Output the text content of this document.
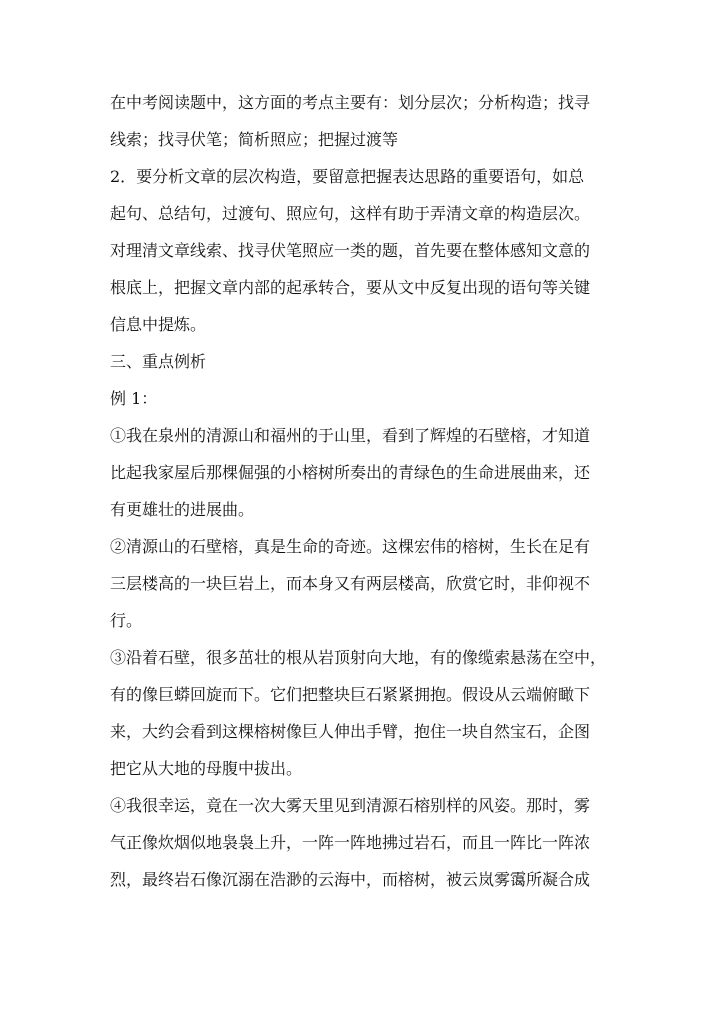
在中考阅读题中，这方面的考点主要有：划分层次；分析构造；找寻
线索；找寻伏笔；简析照应；把握过渡等
2．要分析文章的层次构造，要留意把握表达思路的重要语句，如总
起句、总结句，过渡句、照应句，这样有助于弄清文章的构造层次。
对理清文章线索、找寻伏笔照应一类的题，首先要在整体感知文意的
根底上，把握文章内部的起承转合，要从文中反复出现的语句等关键
信息中提炼。
三、重点例析
例 1：
①我在泉州的清源山和福州的于山里，看到了辉煌的石壁榕，才知道
比起我家屋后那棵倔强的小榕树所奏出的青绿色的生命进展曲来，还
有更雄壮的进展曲。
②清源山的石壁榕，真是生命的奇迹。这棵宏伟的榕树，生长在足有
三层楼高的一块巨岩上，而本身又有两层楼高，欣赏它时，非仰视不
行。
③沿着石壁，很多茁壮的根从岩顶射向大地，有的像缆索悬荡在空中，
有的像巨蟒回旋而下。它们把整块巨石紧紧拥抱。假设从云端俯瞰下
来，大约会看到这棵榕树像巨人伸出手臂，抱住一块自然宝石，企图
把它从大地的母腹中拔出。
④我很幸运，竟在一次大雾天里见到清源石榕别样的风姿。那时，雾
气正像炊烟似地袅袅上升，一阵一阵地拂过岩石，而且一阵比一阵浓
烈，最终岩石像沉溺在浩渺的云海中，而榕树，被云岚雾霭所凝合成
